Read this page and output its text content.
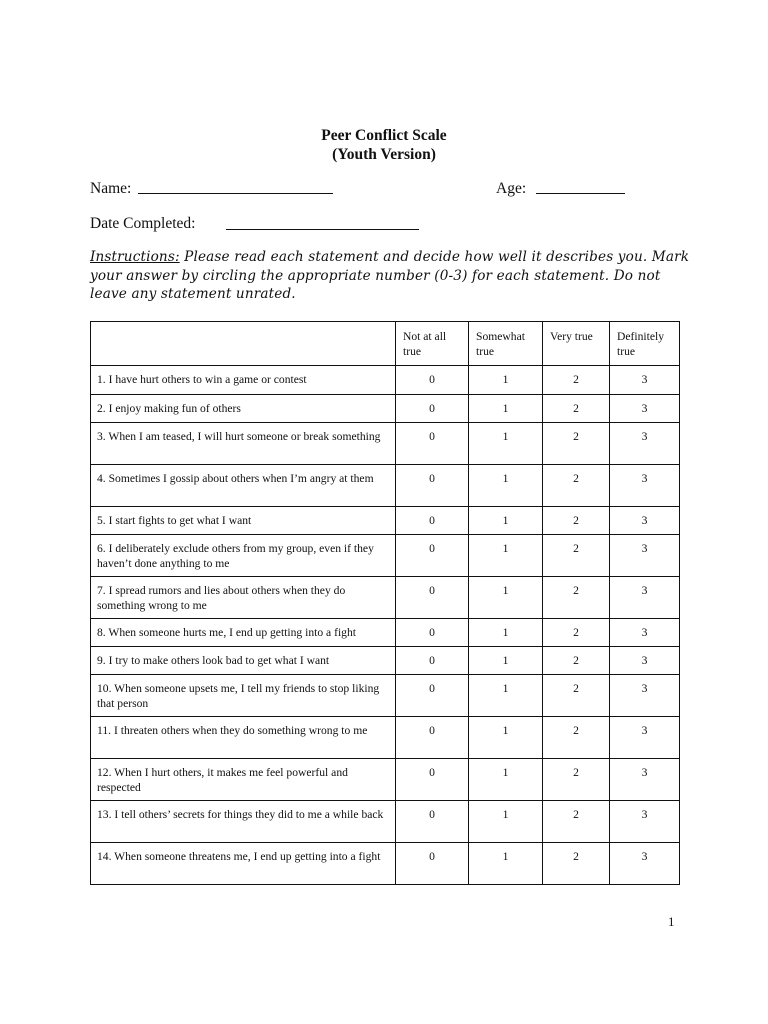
Peer Conflict Scale
(Youth Version)
Name:	Age:
Date Completed:
Instructions: Please read each statement and decide how well it describes you. Mark your answer by circling the appropriate number (0-3) for each statement. Do not leave any statement unrated.

	Not at all true	Somewhat true	Very true	Definitely true

1. I have hurt others to win a game or contest	0	1	2	3

2. I enjoy making fun of others	0	1	2	3

3. When I am teased, I will hurt someone or break something	0	1	2	3

4. Sometimes I gossip about others when I’m angry at them	0	1	2	3

5. I start fights to get what I want	0	1	2	3

6. I deliberately exclude others from my group, even if they haven’t done anything to me	0	1	2	3

7. I spread rumors and lies about others when they do something wrong to me	0	1	2	3

8. When someone hurts me, I end up getting into a fight	0	1	2	3

9. I try to make others look bad to get what I want	0	1	2	3

10. When someone upsets me, I tell my friends to stop liking that person	0	1	2	3

11. I threaten others when they do something wrong to me	0	1	2	3

12. When I hurt others, it makes me feel powerful and respected	0	1	2	3

13. I tell others’ secrets for things they did to me a while back	0	1	2	3

14. When someone threatens me, I end up getting into a fight	0	1	2	3
1
